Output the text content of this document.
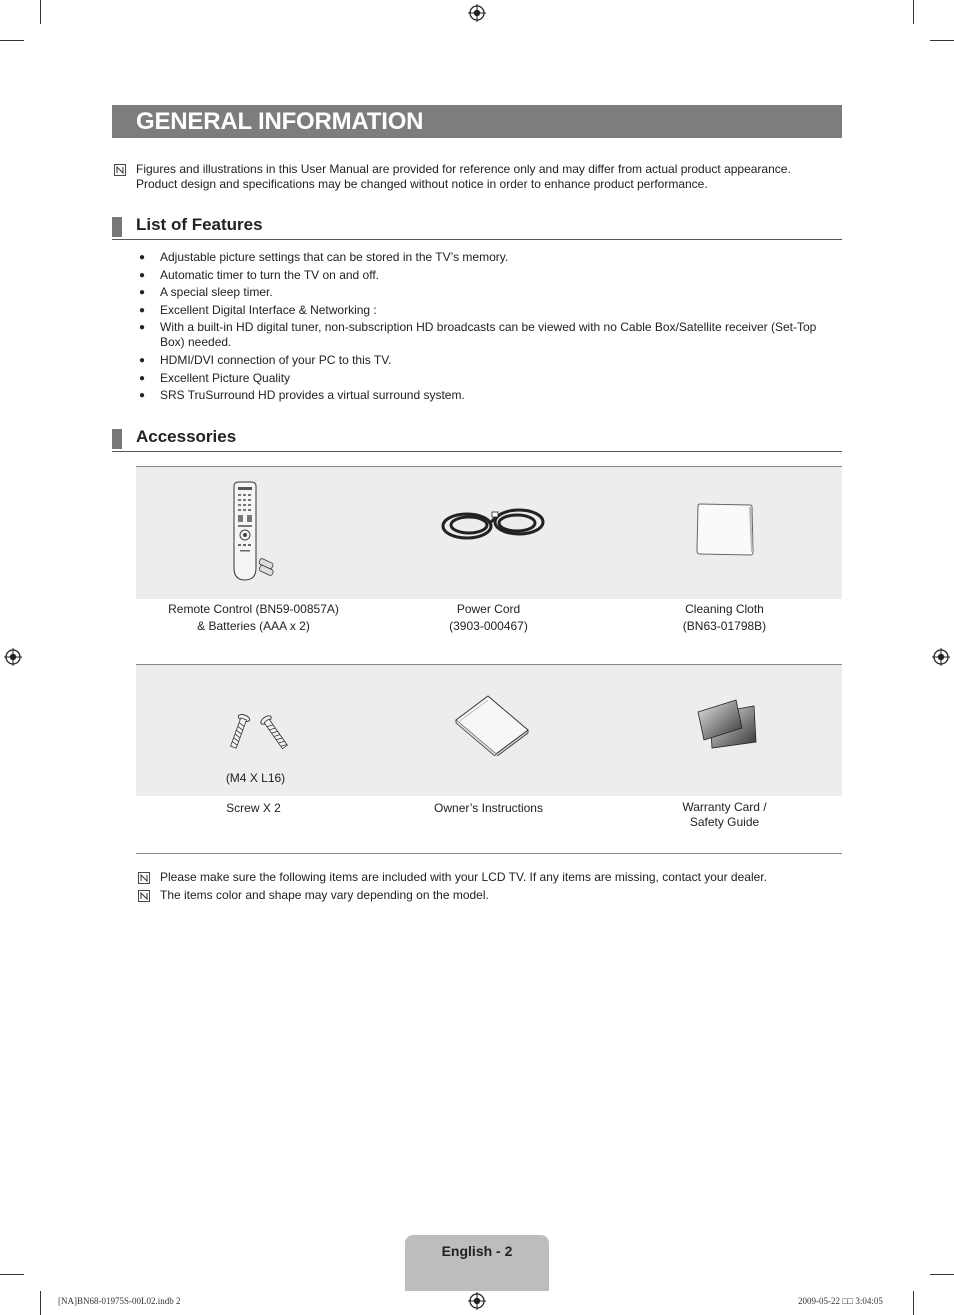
GENERAL INFORMATION
Figures and illustrations in this User Manual are provided for reference only and may differ from actual product appearance.
Product design and specifications may be changed without notice in order to enhance product performance.
List of Features
● Adjustable picture settings that can be stored in the TV’s memory.
● Automatic timer to turn the TV on and off.
● A special sleep timer.
● Excellent Digital Interface & Networking :
● With a built-in HD digital tuner, non-subscription HD broadcasts can be viewed with no Cable Box/Satellite receiver (Set-Top Box) needed.
● HDMI/DVI connection of your PC to this TV.
● Excellent Picture Quality
● SRS TruSurround HD provides a virtual surround system.
Accessories
Remote Control (BN59-00857A)
& Batteries (AAA x 2)
Power Cord
(3903-000467)
Cleaning Cloth
(BN63-01798B)
(M4 X L16)
Screw X 2	Owner’s Instructions	Warranty Card /
Safety Guide
Please make sure the following items are included with your LCD TV. If any items are missing, contact your dealer.
The items color and shape may vary depending on the model.
English - 2
[NA]BN68-01975S-00L02.indb 2	2009-05-22 □□ 3:04:05
